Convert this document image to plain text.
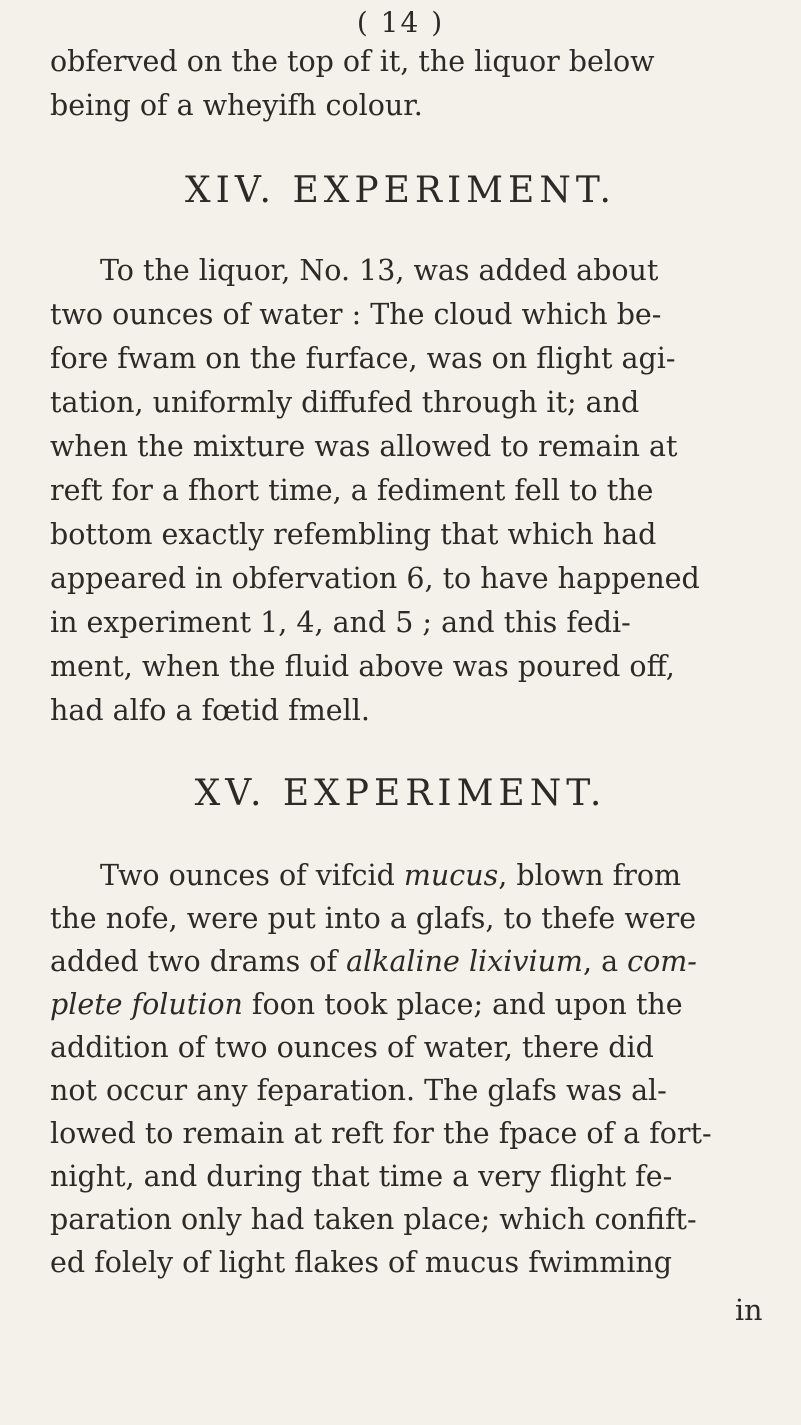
( 14 )
obferved on the top of it, the liquor below
being of a wheyifh colour.
XIV. EXPERIMENT.
To the liquor, No. 13, was added about
two ounces of water : The cloud which be-
fore fwam on the furface, was on flight agi-
tation, uniformly diffufed through it; and
when the mixture was allowed to remain at
reft for a fhort time, a fediment fell to the
bottom exactly refembling that which had
appeared in obfervation 6, to have happened
in experiment 1, 4, and 5 ; and this fedi-
ment, when the fluid above was poured off,
had alfo a fœtid fmell.
XV. EXPERIMENT.
Two ounces of vifcid mucus, blown from
the nofe, were put into a glafs, to thefe were
added two drams of alkaline lixivium, a com-
plete folution foon took place; and upon the
addition of two ounces of water, there did
not occur any feparation. The glafs was al-
lowed to remain at reft for the fpace of a fort-
night, and during that time a very flight fe-
paration only had taken place; which confift-
ed folely of light flakes of mucus fwimming
in
